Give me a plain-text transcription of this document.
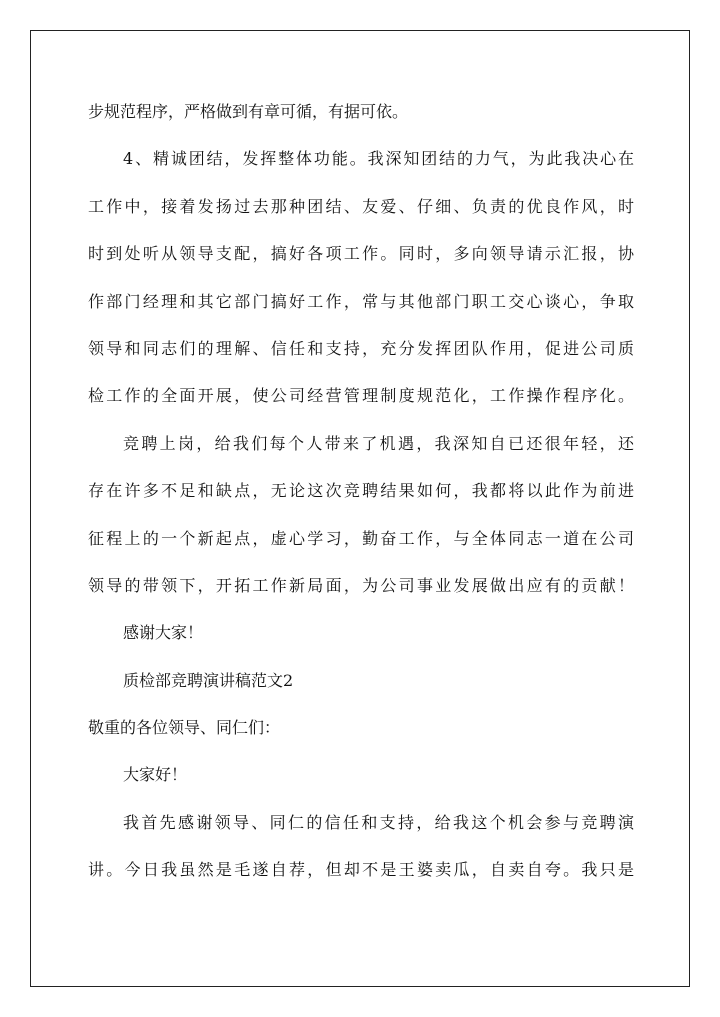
步规范程序，严格做到有章可循，有据可依。
4、精诚团结，发挥整体功能。我深知团结的力气，为此我决心在
工作中，接着发扬过去那种团结、友爱、仔细、负责的优良作风，时
时到处听从领导支配，搞好各项工作。同时，多向领导请示汇报，协
作部门经理和其它部门搞好工作，常与其他部门职工交心谈心，争取
领导和同志们的理解、信任和支持，充分发挥团队作用，促进公司质
检工作的全面开展，使公司经营管理制度规范化，工作操作程序化。
竞聘上岗，给我们每个人带来了机遇，我深知自已还很年轻，还
存在许多不足和缺点，无论这次竞聘结果如何，我都将以此作为前进
征程上的一个新起点，虚心学习，勤奋工作，与全体同志一道在公司
领导的带领下，开拓工作新局面，为公司事业发展做出应有的贡献！
感谢大家！
质检部竞聘演讲稿范文2
敬重的各位领导、同仁们：
大家好！
我首先感谢领导、同仁的信任和支持，给我这个机会参与竞聘演
讲。今日我虽然是毛遂自荐，但却不是王婆卖瓜，自卖自夸。我只是
